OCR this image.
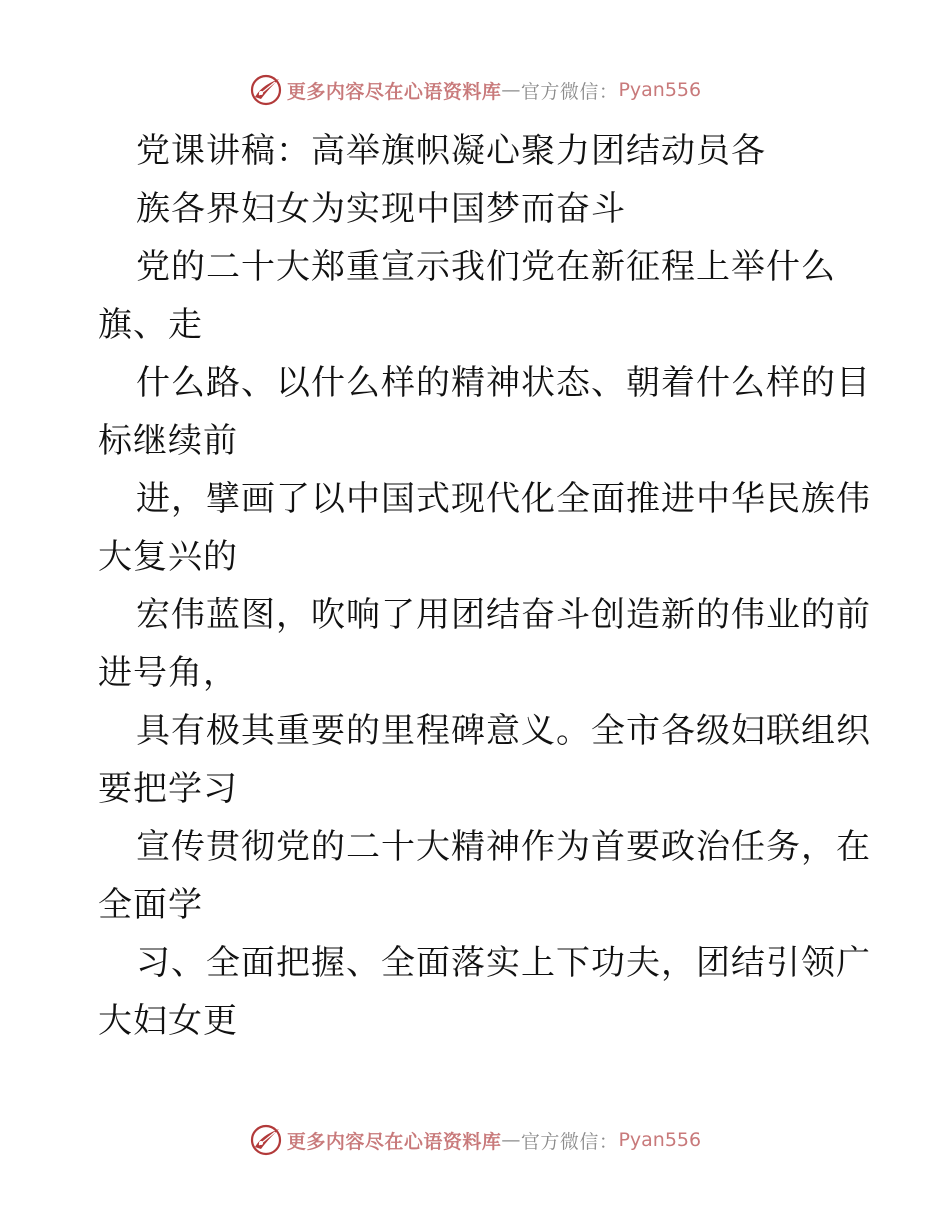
更多内容尽在心语资料库 — 官方微信： Pyan556
党课讲稿：高举旗帜凝心聚力团结动员各
族各界妇女为实现中国梦而奋斗
党的二十大郑重宣示我们党在新征程上举什么
旗、走
什么路、以什么样的精神状态、朝着什么样的目
标继续前
进，擘画了以中国式现代化全面推进中华民族伟
大复兴的
宏伟蓝图，吹响了用团结奋斗创造新的伟业的前
进号角，
具有极其重要的里程碑意义。全市各级妇联组织
要把学习
宣传贯彻党的二十大精神作为首要政治任务，在
全面学
习、全面把握、全面落实上下功夫，团结引领广
大妇女更
更多内容尽在心语资料库 — 官方微信： Pyan556
